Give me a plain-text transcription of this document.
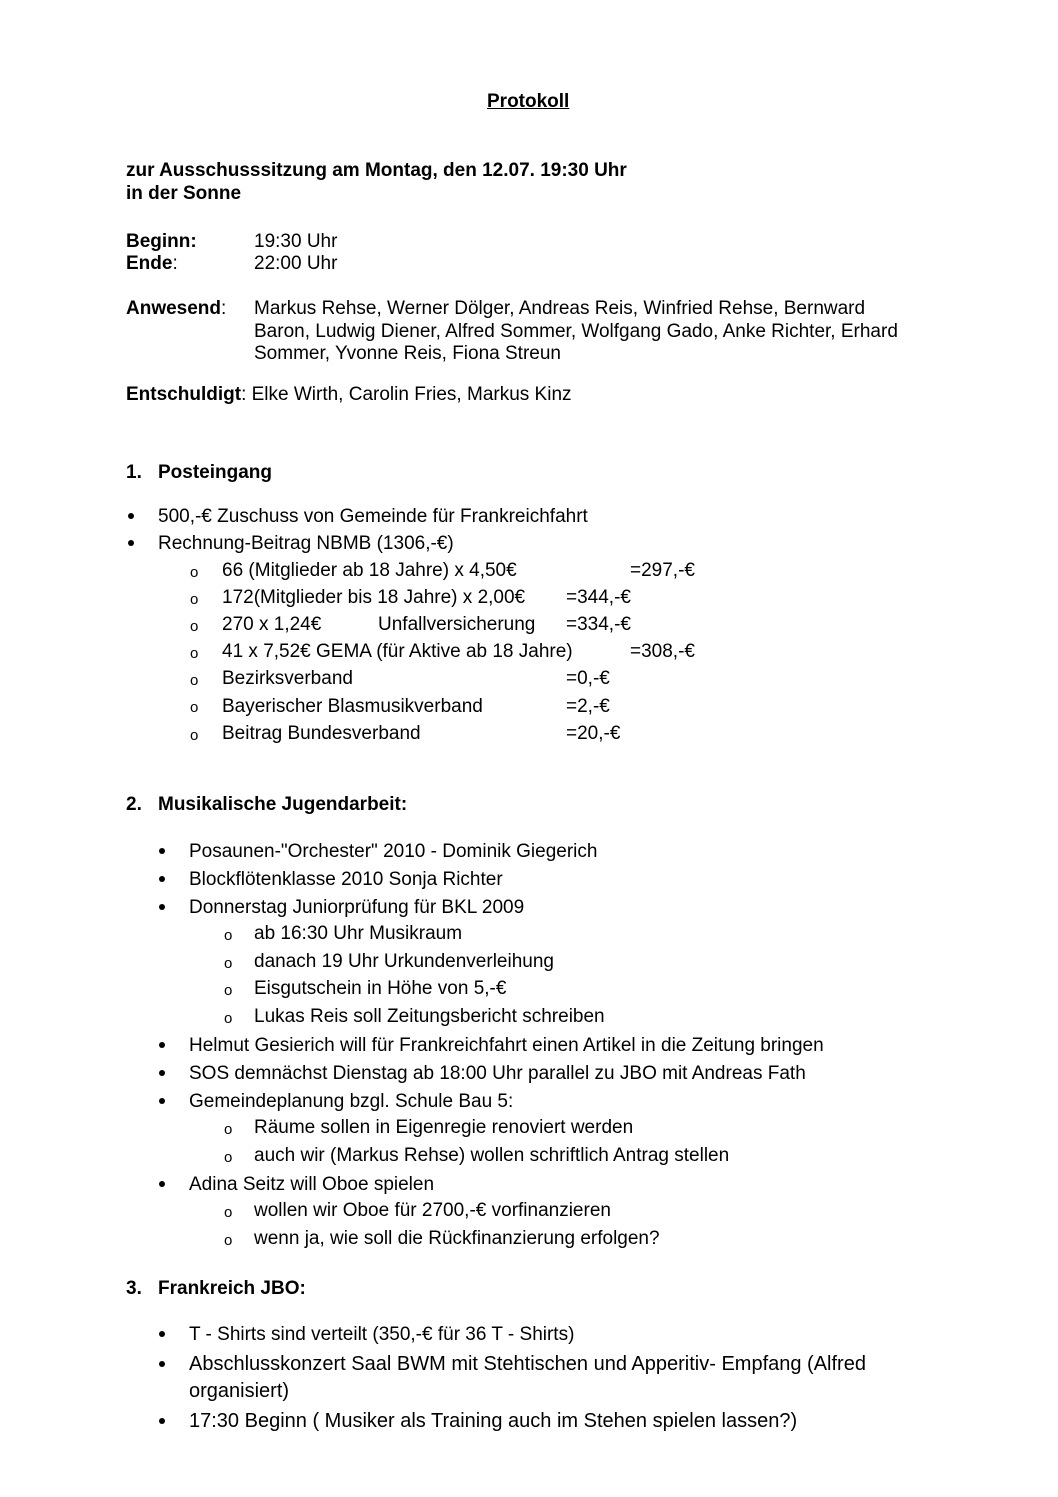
Protokoll
zur Ausschusssitzung am Montag, den 12.07. 19:30 Uhr
in der Sonne
Beginn:	19:30 Uhr
Ende:	22:00 Uhr
Anwesend: Markus Rehse, Werner Dölger, Andreas Reis, Winfried Rehse, Bernward
Baron, Ludwig Diener, Alfred Sommer, Wolfgang Gado, Anke Richter, Erhard
Sommer, Yvonne Reis, Fiona Streun
Entschuldigt: Elke Wirth, Carolin Fries, Markus Kinz
1. Posteingang
500,-€ Zuschuss von Gemeinde für Frankreichfahrt
Rechnung-Beitrag NBMB (1306,-€)
o 66 (Mitglieder ab 18 Jahre) x 4,50€	=297,-€
o 172(Mitglieder bis 18 Jahre) x 2,00€ =344,-€
o 270 x 1,24€	Unfallversicherung =334,-€
o 41 x 7,52€ GEMA (für Aktive ab 18 Jahre)	=308,-€
o Bezirksverband	=0,-€
o Bayerischer Blasmusikverband	=2,-€
o Beitrag Bundesverband	=20,-€
2. Musikalische Jugendarbeit:
Posaunen-"Orchester" 2010 - Dominik Giegerich
Blockflötenklasse 2010 Sonja Richter
Donnerstag Juniorprüfung für BKL 2009
o ab 16:30 Uhr Musikraum
o danach 19 Uhr Urkundenverleihung
o Eisgutschein in Höhe von 5,-€
o Lukas Reis soll Zeitungsbericht schreiben
Helmut Gesierich will für Frankreichfahrt einen Artikel in die Zeitung bringen
SOS demnächst Dienstag ab 18:00 Uhr parallel zu JBO mit Andreas Fath
Gemeindeplanung bzgl. Schule Bau 5:
o Räume sollen in Eigenregie renoviert werden
o auch wir (Markus Rehse) wollen schriftlich Antrag stellen
Adina Seitz will Oboe spielen
o wollen wir Oboe für 2700,-€ vorfinanzieren
o wenn ja, wie soll die Rückfinanzierung erfolgen?
3. Frankreich JBO:
T - Shirts sind verteilt (350,-€ für 36 T - Shirts)
Abschlusskonzert Saal BWM mit Stehtischen und Apperitiv- Empfang (Alfred
organisiert)
17:30 Beginn ( Musiker als Training auch im Stehen spielen lassen?)
